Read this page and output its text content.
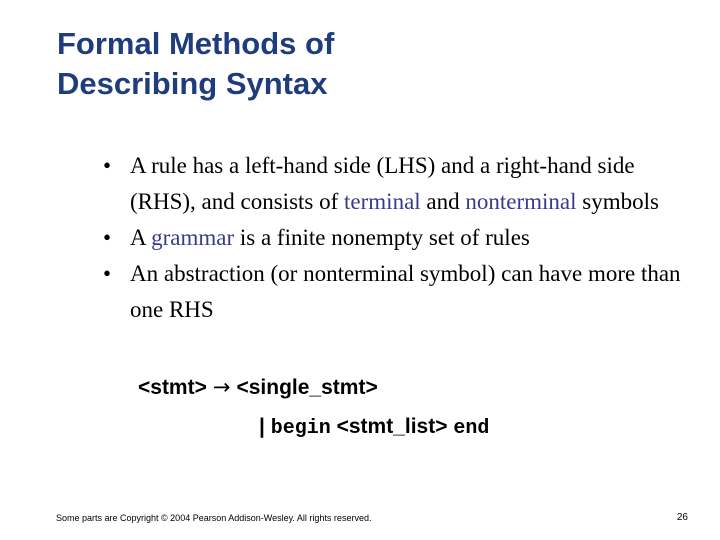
Formal Methods of
Describing Syntax
• A rule has a left-hand side (LHS) and a right-hand side (RHS), and consists of terminal and nonterminal symbols
• A grammar is a finite nonempty set of rules
• An abstraction (or nonterminal symbol) can have more than one RHS
<stmt> → <single_stmt>
| begin <stmt_list> end
Some parts are Copyright © 2004 Pearson Addison-Wesley. All rights reserved.	26
